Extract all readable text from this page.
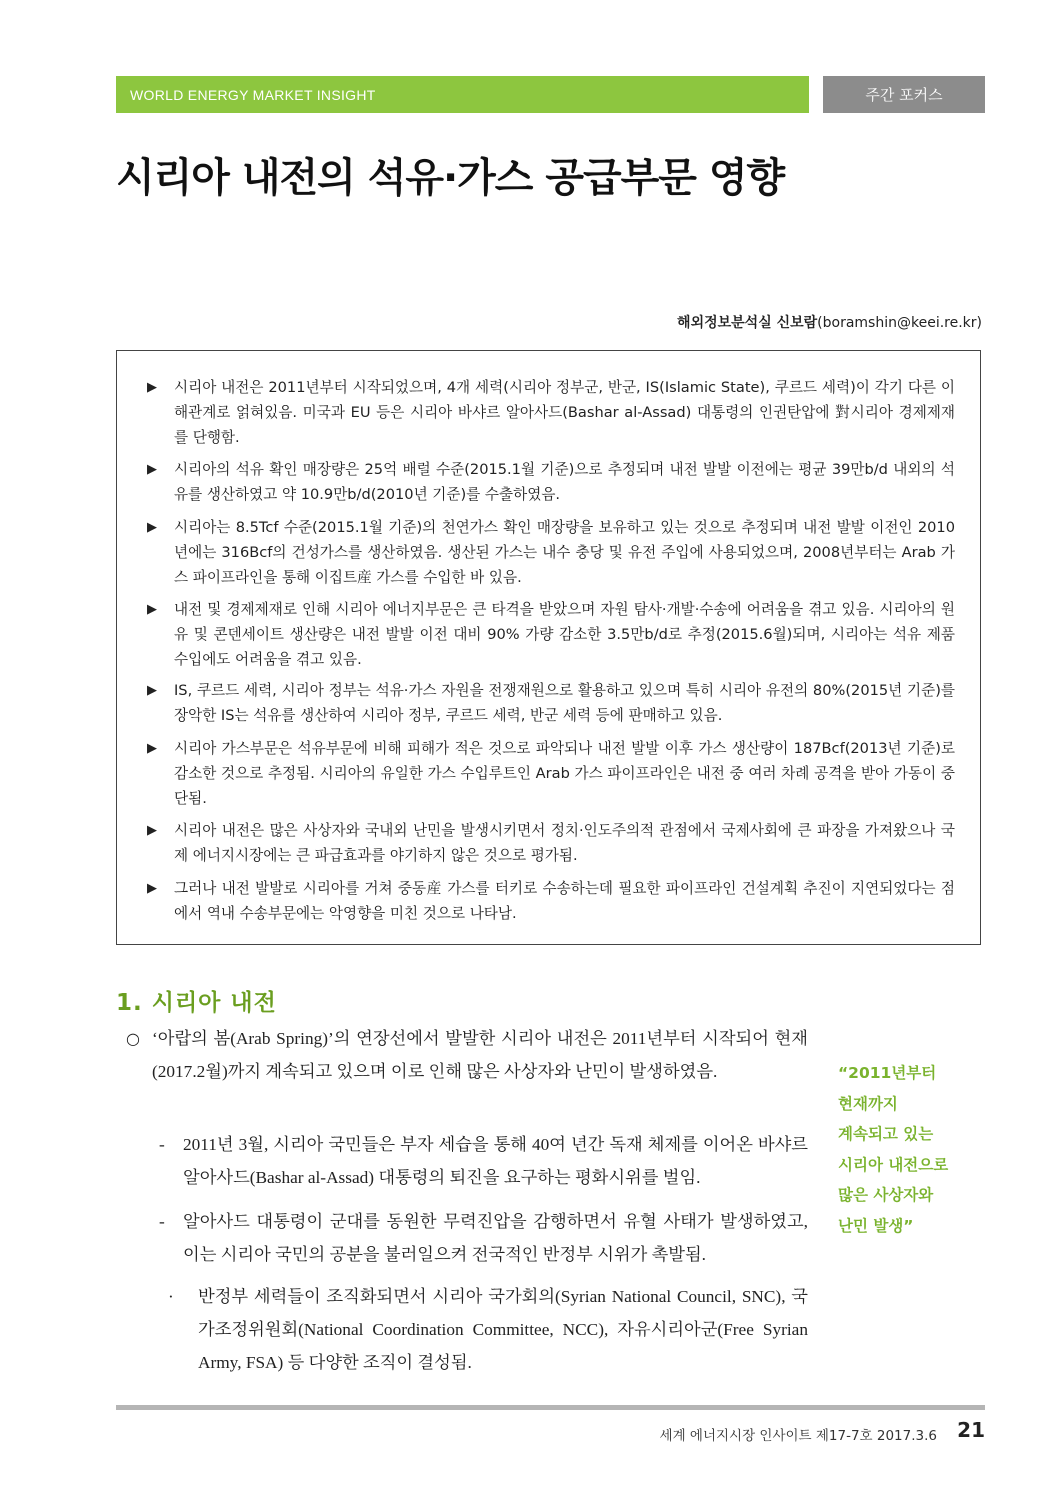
WORLD ENERGY MARKET INSIGHT	주간 포커스
시리아 내전의 석유·가스 공급부문 영향
해외정보분석실 신보람(boramshin@keei.re.kr)
▶ 시리아 내전은 2011년부터 시작되었으며, 4개 세력(시리아 정부군, 반군, IS(Islamic State), 쿠르드 세력)이 각기 다른 이해관계로 얽혀있음. 미국과 EU 등은 시리아 바샤르 알아사드(Bashar al-Assad) 대통령의 인권탄압에 對시리아 경제제재를 단행함.
▶ 시리아의 석유 확인 매장량은 25억 배럴 수준(2015.1월 기준)으로 추정되며 내전 발발 이전에는 평균 39만b/d 내외의 석유를 생산하였고 약 10.9만b/d(2010년 기준)를 수출하였음.
▶ 시리아는 8.5Tcf 수준(2015.1월 기준)의 천연가스 확인 매장량을 보유하고 있는 것으로 추정되며 내전 발발 이전인 2010년에는 316Bcf의 건성가스를 생산하였음. 생산된 가스는 내수 충당 및 유전 주입에 사용되었으며, 2008년부터는 Arab 가스 파이프라인을 통해 이집트産 가스를 수입한 바 있음.
▶ 내전 및 경제제재로 인해 시리아 에너지부문은 큰 타격을 받았으며 자원 탐사·개발·수송에 어려움을 겪고 있음. 시리아의 원유 및 콘덴세이트 생산량은 내전 발발 이전 대비 90% 가량 감소한 3.5만b/d로 추정(2015.6월)되며, 시리아는 석유 제품 수입에도 어려움을 겪고 있음.
▶ IS, 쿠르드 세력, 시리아 정부는 석유·가스 자원을 전쟁재원으로 활용하고 있으며 특히 시리아 유전의 80%(2015년 기준)를 장악한 IS는 석유를 생산하여 시리아 정부, 쿠르드 세력, 반군 세력 등에 판매하고 있음.
▶ 시리아 가스부문은 석유부문에 비해 피해가 적은 것으로 파악되나 내전 발발 이후 가스 생산량이 187Bcf(2013년 기준)로 감소한 것으로 추정됨. 시리아의 유일한 가스 수입루트인 Arab 가스 파이프라인은 내전 중 여러 차례 공격을 받아 가동이 중단됨.
▶ 시리아 내전은 많은 사상자와 국내외 난민을 발생시키면서 정치·인도주의적 관점에서 국제사회에 큰 파장을 가져왔으나 국제 에너지시장에는 큰 파급효과를 야기하지 않은 것으로 평가됨.
▶ 그러나 내전 발발로 시리아를 거쳐 중동産 가스를 터키로 수송하는데 필요한 파이프라인 건설계획 추진이 지연되었다는 점에서 역내 수송부문에는 악영향을 미친 것으로 나타남.
1. 시리아 내전
○ ‘아랍의 봄(Arab Spring)’의 연장선에서 발발한 시리아 내전은 2011년부터 시작되어 현재(2017.2월)까지 계속되고 있으며 이로 인해 많은 사상자와 난민이 발생하였음.
- 2011년 3월, 시리아 국민들은 부자 세습을 통해 40여 년간 독재 체제를 이어온 바샤르 알아사드(Bashar al-Assad) 대통령의 퇴진을 요구하는 평화시위를 벌임.
- 알아사드 대통령이 군대를 동원한 무력진압을 감행하면서 유혈 사태가 발생하였고, 이는 시리아 국민의 공분을 불러일으켜 전국적인 반정부 시위가 촉발됨.
· 반정부 세력들이 조직화되면서 시리아 국가회의(Syrian National Council, SNC), 국가조정위원회(National Coordination Committee, NCC), 자유시리아군(Free Syrian Army, FSA) 등 다양한 조직이 결성됨.
“2011년부터
현재까지
계속되고 있는
시리아 내전으로
많은 사상자와
난민 발생”
세계 에너지시장 인사이트 제17-7호 2017.3.6 21
